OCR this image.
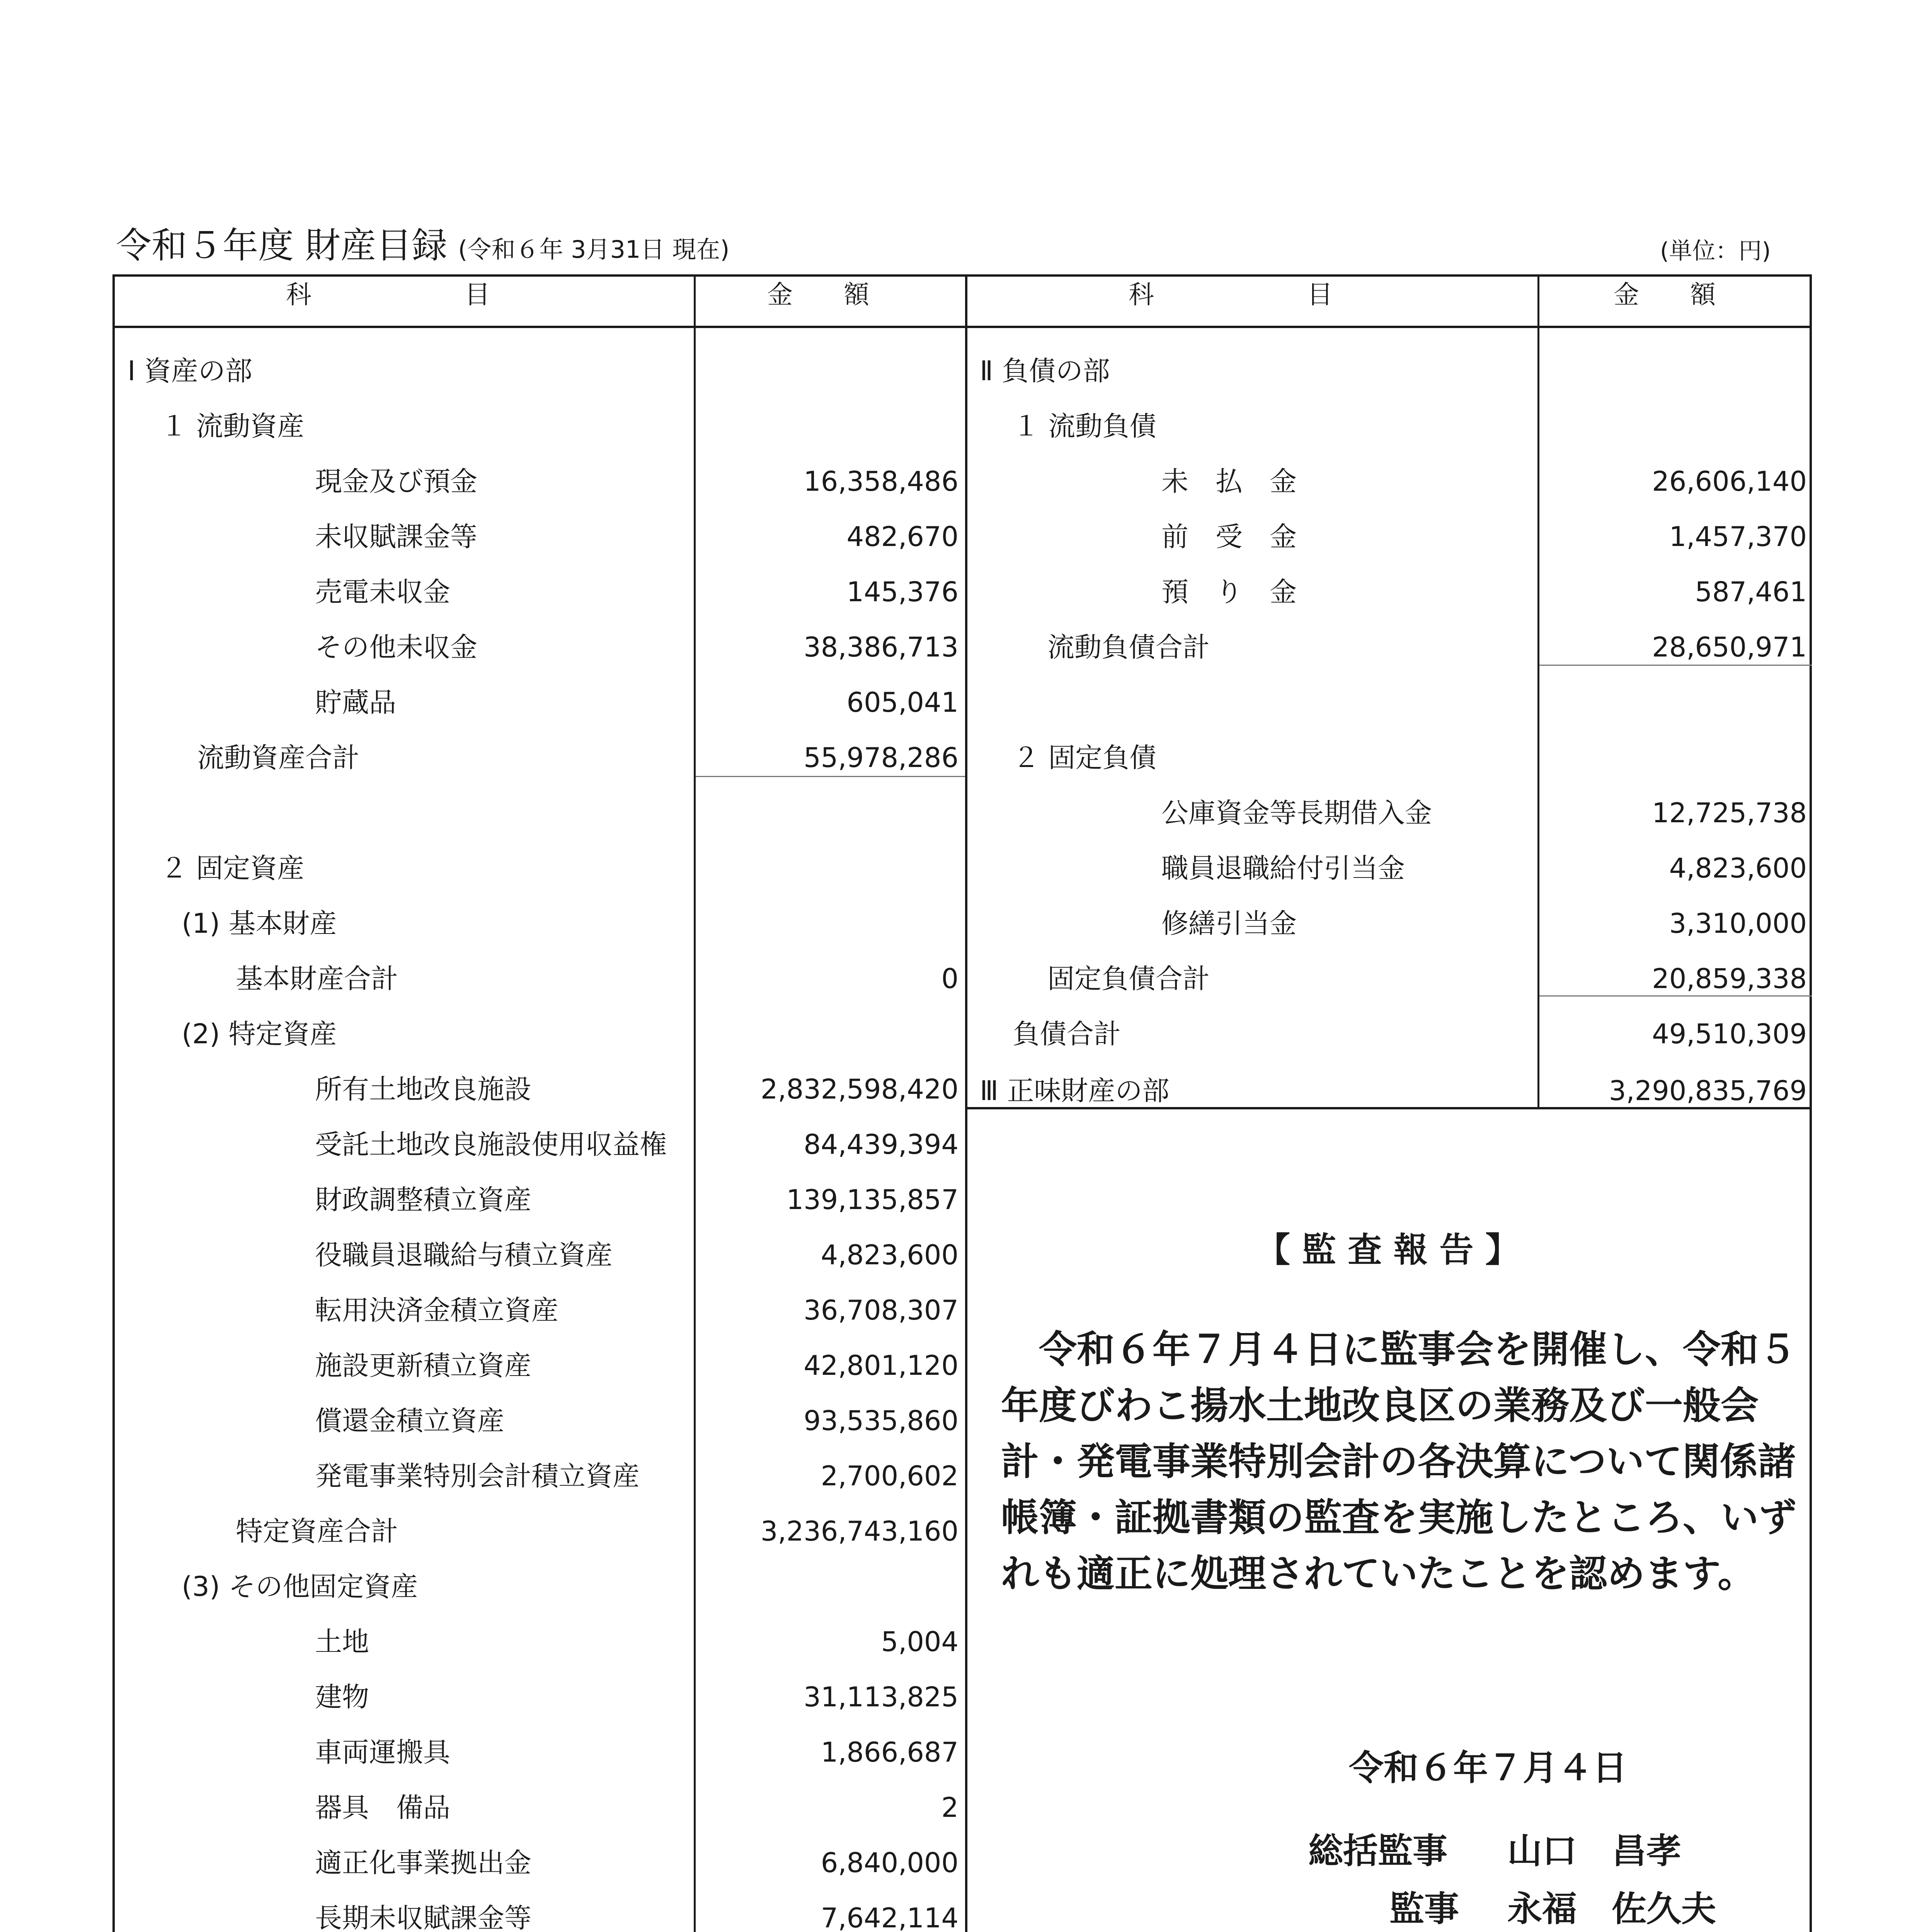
令和５年度 財産目録 (令和６年 3月31日 現在)	(単位：円)
科　　　　　　目	金　　額	科　　　　　　目	金　　額
Ⅰ 資産の部
１ 流動資産
現金及び預金	16,358,486
未収賦課金等	482,670
売電未収金	145,376
その他未収金	38,386,713
貯蔵品	605,041
流動資産合計	55,978,286
２ 固定資産
(1) 基本財産
基本財産合計	0
(2) 特定資産
所有土地改良施設	2,832,598,420
受託土地改良施設使用収益権	84,439,394
財政調整積立資産	139,135,857
役職員退職給与積立資産	4,823,600
転用決済金積立資産	36,708,307
施設更新積立資産	42,801,120
償還金積立資産	93,535,860
発電事業特別会計積立資産	2,700,602
特定資産合計	3,236,743,160
(3) その他固定資産
土地	5,004
建物	31,113,825
車両運搬具	1,866,687
器具　備品	2
適正化事業拠出金	6,840,000
長期未収賦課金等	7,642,114
Ⅱ 負債の部
１ 流動負債
未　払　金	26,606,140
前　受　金	1,457,370
預　り　金	587,461
流動負債合計	28,650,971
２ 固定負債
公庫資金等長期借入金	12,725,738
職員退職給付引当金	4,823,600
修繕引当金	3,310,000
固定負債合計	20,859,338
負債合計	49,510,309
Ⅲ 正味財産の部	3,290,835,769
【 監 査 報 告 】
　令和６年７月４日に監事会を開催し、令和５年度びわこ揚水土地改良区の業務及び一般会計・発電事業特別会計の各決算について関係諸帳簿・証拠書類の監査を実施したところ、いずれも適正に処理されていたことを認めます。
令和６年７月４日
総括監事 山口　昌孝
監事 永福　佐久夫
